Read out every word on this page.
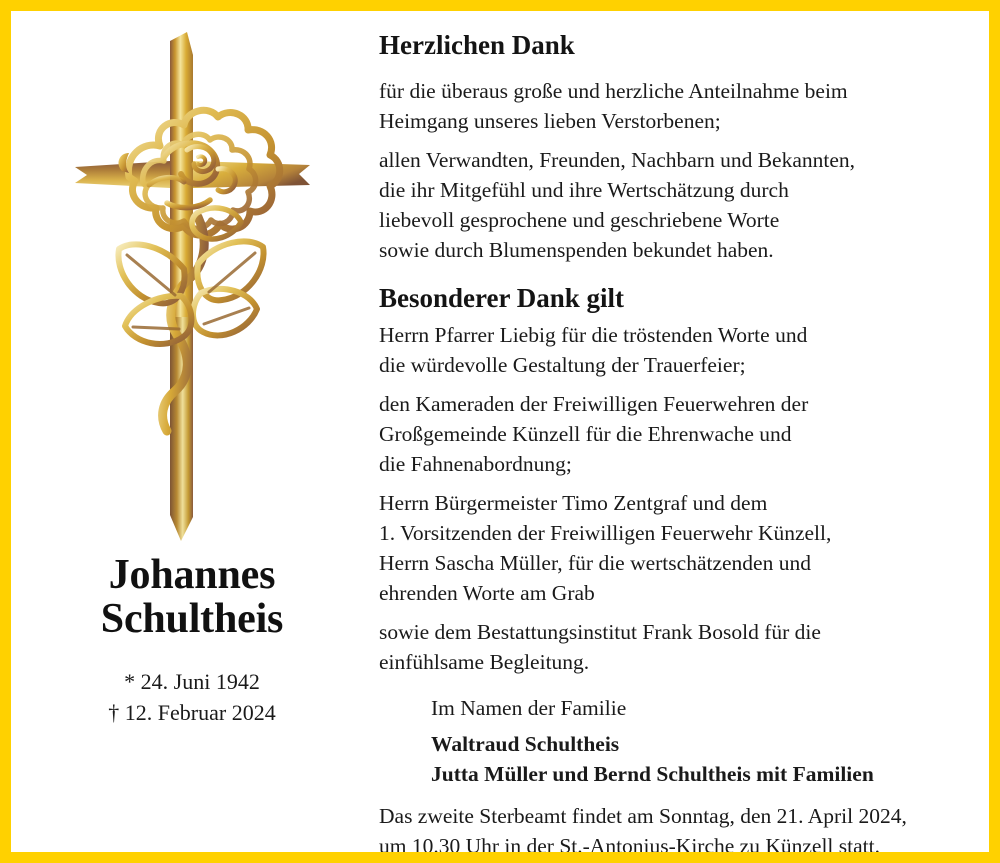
Johannes
Schultheis
* 24. Juni 1942
† 12. Februar 2024
Herzlichen Dank

für die überaus große und herzliche Anteilnahme beim
Heimgang unseres lieben Verstorbenen;

allen Verwandten, Freunden, Nachbarn und Bekannten,
die ihr Mitgefühl und ihre Wertschätzung durch
liebevoll gesprochene und geschriebene Worte
sowie durch Blumenspenden bekundet haben.

Besonderer Dank gilt

Herrn Pfarrer Liebig für die tröstenden Worte und
die würdevolle Gestaltung der Trauerfeier;

den Kameraden der Freiwilligen Feuerwehren der
Großgemeinde Künzell für die Ehrenwache und
die Fahnenabordnung;

Herrn Bürgermeister Timo Zentgraf und dem
1. Vorsitzenden der Freiwilligen Feuerwehr Künzell,
Herrn Sascha Müller, für die wertschätzenden und
ehrenden Worte am Grab

sowie dem Bestattungsinstitut Frank Bosold für die
einfühlsame Begleitung.

Im Namen der Familie
Waltraud Schultheis
Jutta Müller und Bernd Schultheis mit Familien
Das zweite Sterbeamt findet am Sonntag, den 21. April 2024,
um 10.30 Uhr in der St.-Antonius-Kirche zu Künzell statt.
